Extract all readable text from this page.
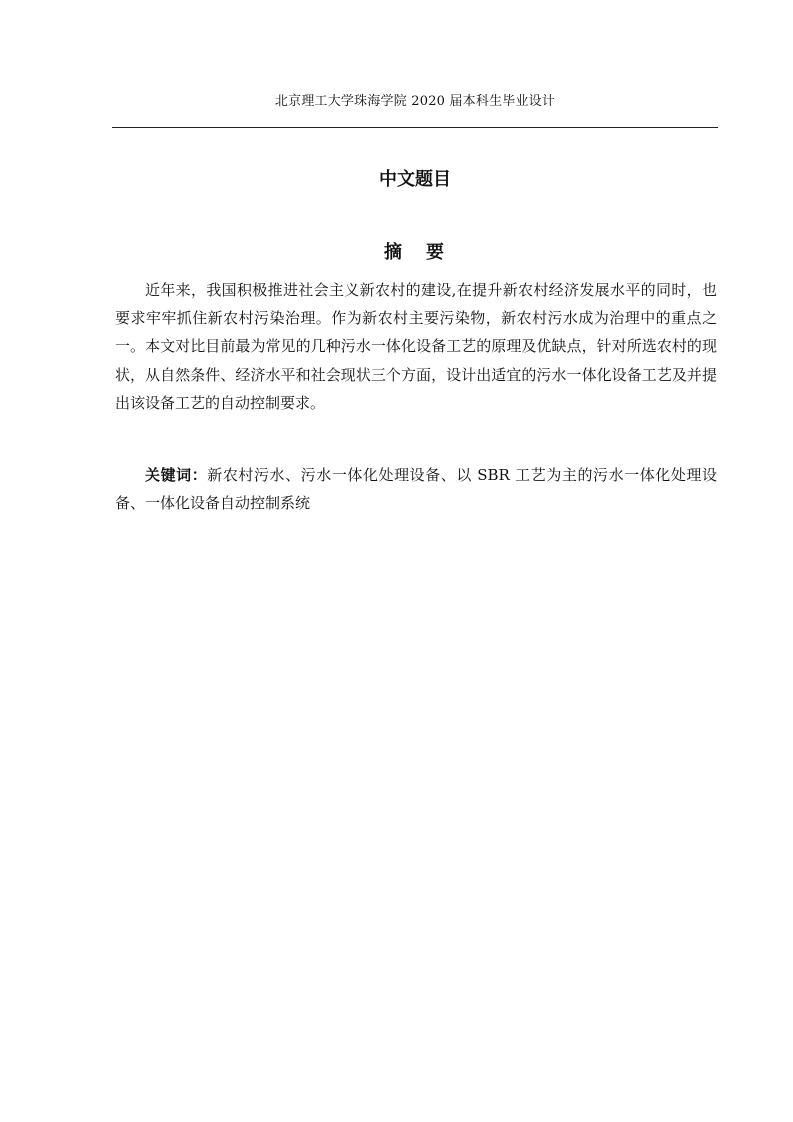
北京理工大学珠海学院 2020 届本科生毕业设计
中文题目
摘 要

近年来，我国积极推进社会主义新农村的建设,在提升新农村经济发展水平的同时，也要求牢牢抓住新农村污染治理。作为新农村主要污染物，新农村污水成为治理中的重点之一。本文对比目前最为常见的几种污水一体化设备工艺的原理及优缺点，针对所选农村的现状，从自然条件、经济水平和社会现状三个方面，设计出适宜的污水一体化设备工艺及并提出该设备工艺的自动控制要求。

关键词：新农村污水、污水一体化处理设备、以 SBR 工艺为主的污水一体化处理设备、一体化设备自动控制系统
